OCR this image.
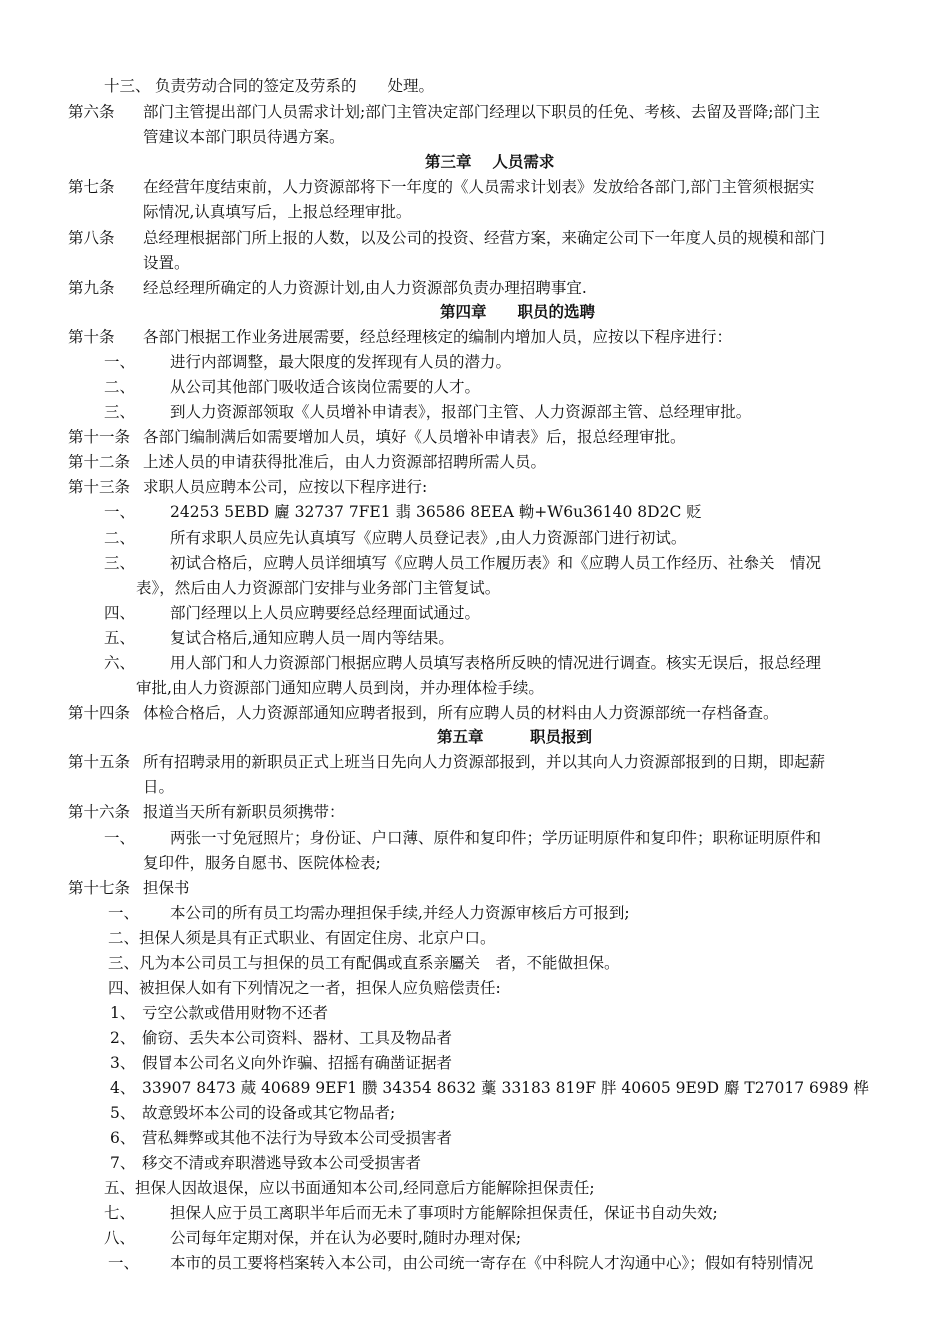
十三、 负责劳动合同的签定及劳系的　　处理。
第六条 部门主管提出部门人员需求计划;部门主管决定部门经理以下职员的任免、考核、去留及晋降;部门主
管建议本部门职员待遇方案。
第三章　 人员需求
第七条 在经营年度结束前，人力资源部将下一年度的《人员需求计划表》发放给各部门,部门主管须根据实
际情况,认真填写后，上报总经理审批。
第八条 总经理根据部门所上报的人数，以及公司的投资、经营方案，来确定公司下一年度人员的规模和部门
设置。
第九条 经总经理所确定的人力资源计划,由人力资源部负责办理招聘事宜.
第四章　　职员的选聘
第十条 各部门根据工作业务进展需要，经总经理核定的编制内增加人员，应按以下程序进行：
一、 进行内部调整，最大限度的发挥现有人员的潜力。
二、 从公司其他部门吸收适合该岗位需要的人才。
三、 到人力资源部领取《人员增补申请表》，报部门主管、人力资源部主管、总经理审批。
第十一条 各部门编制满后如需要增加人员，填好《人员增补申请表》后，报总经理审批。
第十二条 上述人员的申请获得批准后，由人力资源部招聘所需人员。
第十三条 求职人员应聘本公司，应按以下程序进行:
一、 24253 5EBD 廲 32737 7FE1 翡 36586 8EEA 軪+W6u36140 8D2C 贬
二、 所有求职人员应先认真填写《应聘人员登记表》,由人力资源部门进行初试。
三、 初试合格后，应聘人员详细填写《应聘人员工作履历表》和《应聘人员工作经历、社叅关　情况
表》，然后由人力资源部门安排与业务部门主管复试。
四、 部门经理以上人员应聘要经总经理面试通过。
五、 复试合格后,通知应聘人员一周内等结果。
六、 用人部门和人力资源部门根据应聘人员填写表格所反映的情况进行调查。核实无误后，报总经理
审批,由人力资源部门通知应聘人员到岗，并办理体检手续。
第十四条 体检合格后，人力资源部通知应聘者报到，所有应聘人员的材料由人力资源部统一存档备查。
第五章　　　职员报到
第十五条 所有招聘录用的新职员正式上班当日先向人力资源部报到，并以其向人力资源部报到的日期，即起薪
日。
第十六条 报道当天所有新职员须携带：
一、 两张一寸免冠照片；身份证、户口薄、原件和复印件；学历证明原件和复印件；职称证明原件和
复印件，服务自愿书、医院体检表;
第十七条 担保书
一、 本公司的所有员工均需办理担保手续,并经人力资源审核后方可报到;
二、担保人须是具有正式职业、有固定住房、北京户口。
三、凡为本公司员工与担保的员工有配偶或直系亲屬关　者，不能做担保。
四、被担保人如有下列情况之一者，担保人应负赔偿责任:
1、 亏空公款或借用财物不还者
2、 偷窃、丢失本公司资料、器材、工具及物品者
3、 假冒本公司名义向外诈骗、招摇有确凿证据者
4、 33907 8473 蒇 40689 9EF1 臜 34354 8632 藳 33183 819F 胖 40605 9E9D 麝 T27017 6989 桦
5、 故意毁坏本公司的设备或其它物品者;
6、 营私舞弊或其他不法行为导致本公司受损害者
7、 移交不清或弃职潜逃导致本公司受损害者
五、担保人因故退保，应以书面通知本公司,经同意后方能解除担保责任;
七、 担保人应于员工离职半年后而无未了事项时方能解除担保责任，保证书自动失效;
八、 公司每年定期对保，并在认为必要时,随时办理对保;
一、 本市的员工要将档案转入本公司，由公司统一寄存在《中科院人才沟通中心》；假如有特别情况
